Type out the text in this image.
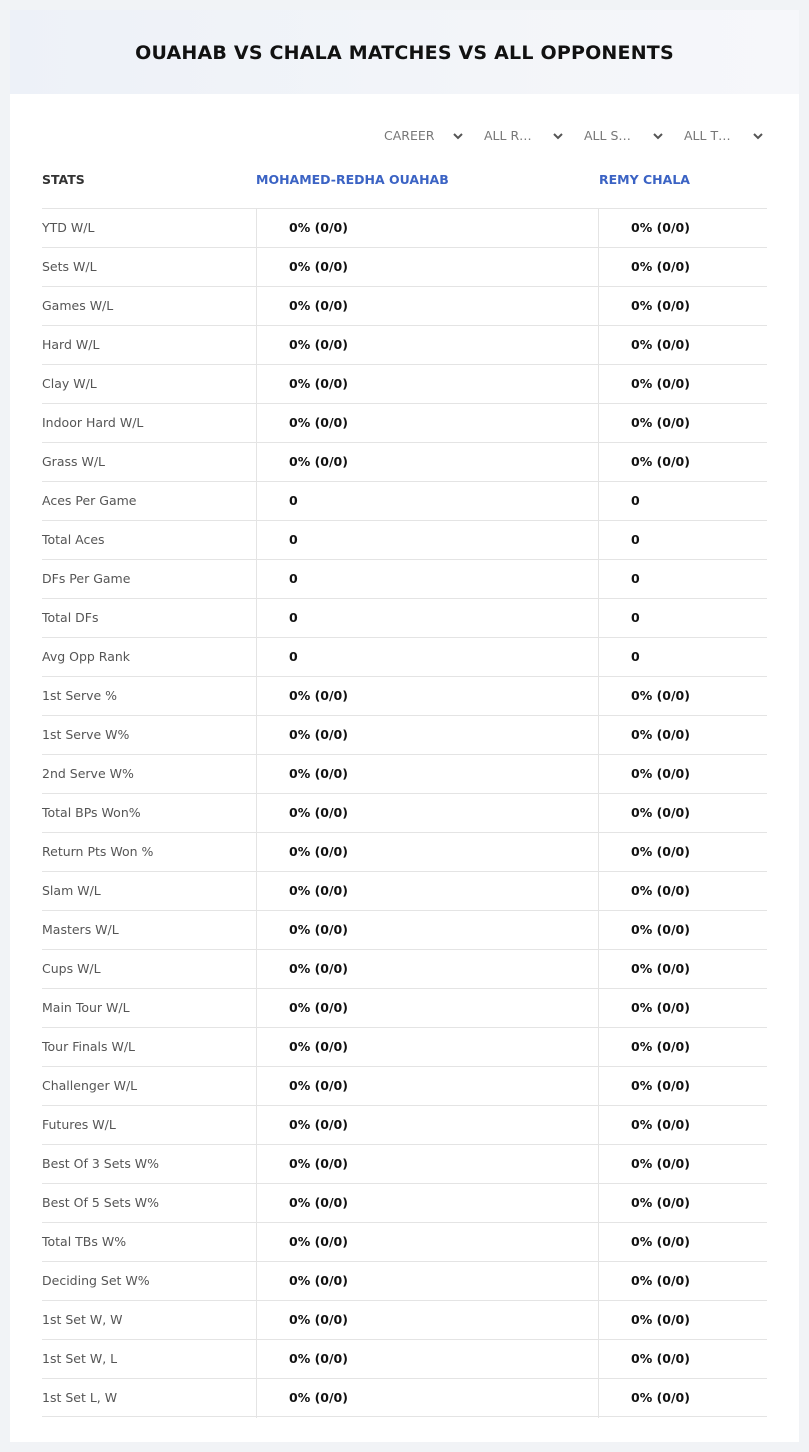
OUAHAB VS CHALA MATCHES VS ALL OPPONENTS
CAREER	ALL R…	ALL S…	ALL T…
STATS	MOHAMED-REDHA OUAHAB	REMY CHALA
YTD W/L	0% (0/0)	0% (0/0)
Sets W/L	0% (0/0)	0% (0/0)
Games W/L	0% (0/0)	0% (0/0)
Hard W/L	0% (0/0)	0% (0/0)
Clay W/L	0% (0/0)	0% (0/0)
Indoor Hard W/L	0% (0/0)	0% (0/0)
Grass W/L	0% (0/0)	0% (0/0)
Aces Per Game	0	0
Total Aces	0	0
DFs Per Game	0	0
Total DFs	0	0
Avg Opp Rank	0	0
1st Serve %	0% (0/0)	0% (0/0)
1st Serve W%	0% (0/0)	0% (0/0)
2nd Serve W%	0% (0/0)	0% (0/0)
Total BPs Won%	0% (0/0)	0% (0/0)
Return Pts Won %	0% (0/0)	0% (0/0)
Slam W/L	0% (0/0)	0% (0/0)
Masters W/L	0% (0/0)	0% (0/0)
Cups W/L	0% (0/0)	0% (0/0)
Main Tour W/L	0% (0/0)	0% (0/0)
Tour Finals W/L	0% (0/0)	0% (0/0)
Challenger W/L	0% (0/0)	0% (0/0)
Futures W/L	0% (0/0)	0% (0/0)
Best Of 3 Sets W%	0% (0/0)	0% (0/0)
Best Of 5 Sets W%	0% (0/0)	0% (0/0)
Total TBs W%	0% (0/0)	0% (0/0)
Deciding Set W%	0% (0/0)	0% (0/0)
1st Set W, W	0% (0/0)	0% (0/0)
1st Set W, L	0% (0/0)	0% (0/0)
1st Set L, W	0% (0/0)	0% (0/0)
